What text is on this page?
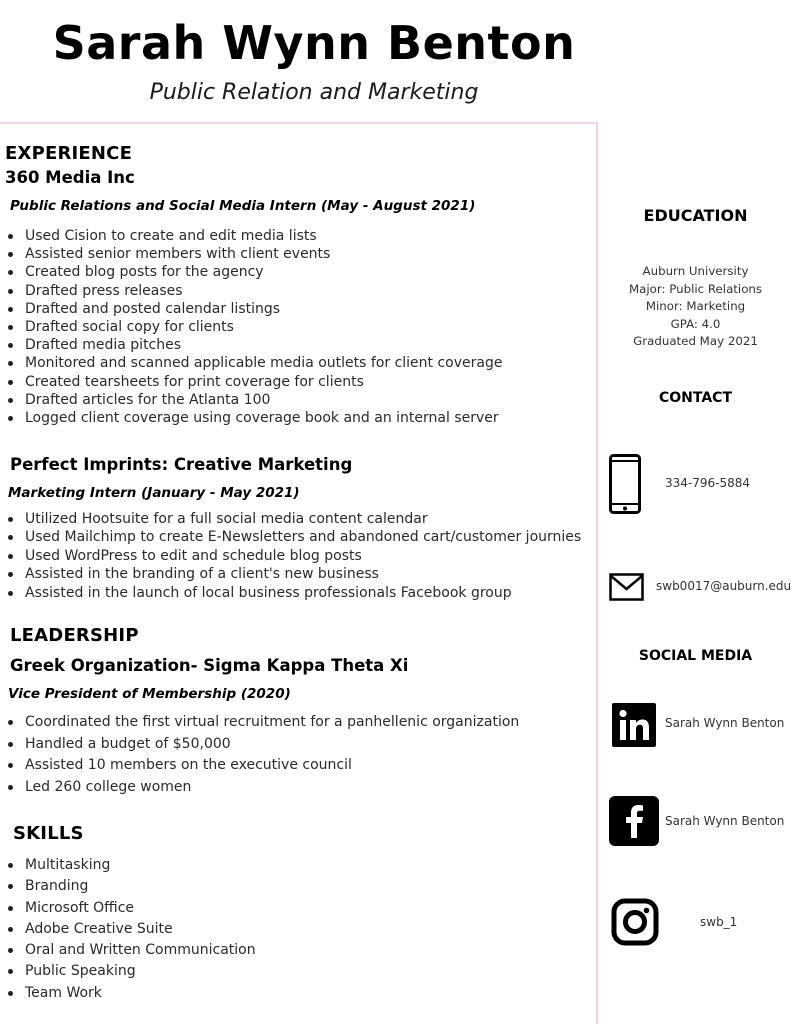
Sarah Wynn Benton
Public Relation and Marketing
EXPERIENCE
360 Media Inc
Public Relations and Social Media Intern (May - August 2021)
Used Cision to create and edit media lists
Assisted senior members with client events
Created blog posts for the agency
Drafted press releases
Drafted and posted calendar listings
Drafted social copy for clients
Drafted media pitches
Monitored and scanned applicable media outlets for client coverage
Created tearsheets for print coverage for clients
Drafted articles for the Atlanta 100
Logged client coverage using coverage book and an internal server
Perfect Imprints: Creative Marketing
Marketing Intern (January - May 2021)
Utilized Hootsuite for a full social media content calendar
Used Mailchimp to create E-Newsletters and abandoned cart/customer journies
Used WordPress to edit and schedule blog posts
Assisted in the branding of a client's new business
Assisted in the launch of local business professionals Facebook group
LEADERSHIP
Greek Organization- Sigma Kappa Theta Xi
Vice President of Membership (2020)
Coordinated the first virtual recruitment for a panhellenic organization
Handled a budget of $50,000
Assisted 10 members on the executive council
Led 260 college women
SKILLS
Multitasking
Branding
Microsoft Office
Adobe Creative Suite
Oral and Written Communication
Public Speaking
Team Work
EDUCATION
Auburn University
Major: Public Relations
Minor: Marketing
GPA: 4.0
Graduated May 2021
CONTACT
334-796-5884
swb0017@auburn.edu
SOCIAL MEDIA
Sarah Wynn Benton
Sarah Wynn Benton
swb_1
